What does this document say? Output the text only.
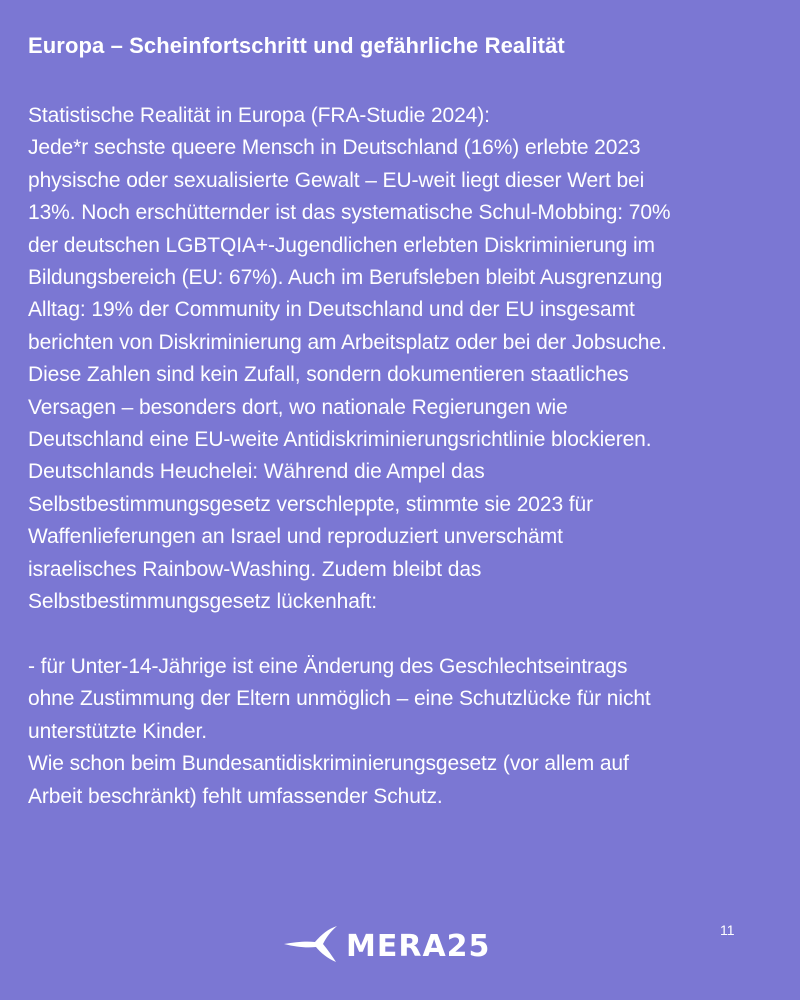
Europa – Scheinfortschritt und gefährliche Realität
Statistische Realität in Europa (FRA-Studie 2024):
Jede*r sechste queere Mensch in Deutschland (16%) erlebte 2023
physische oder sexualisierte Gewalt – EU-weit liegt dieser Wert bei
13%. Noch erschütternder ist das systematische Schul-Mobbing: 70%
der deutschen LGBTQIA+-Jugendlichen erlebten Diskriminierung im
Bildungsbereich (EU: 67%). Auch im Berufsleben bleibt Ausgrenzung
Alltag: 19% der Community in Deutschland und der EU insgesamt
berichten von Diskriminierung am Arbeitsplatz oder bei der Jobsuche.
Diese Zahlen sind kein Zufall, sondern dokumentieren staatliches
Versagen – besonders dort, wo nationale Regierungen wie
Deutschland eine EU-weite Antidiskriminierungsrichtlinie blockieren.
Deutschlands Heuchelei: Während die Ampel das
Selbstbestimmungsgesetz verschleppte, stimmte sie 2023 für
Waffenlieferungen an Israel und reproduziert unverschämt
israelisches Rainbow-Washing. Zudem bleibt das
Selbstbestimmungsgesetz lückenhaft:
- für Unter-14-Jährige ist eine Änderung des Geschlechtseintrags
ohne Zustimmung der Eltern unmöglich – eine Schutzlücke für nicht
unterstützte Kinder.
Wie schon beim Bundesantidiskriminierungsgesetz (vor allem auf
Arbeit beschränkt) fehlt umfassender Schutz.
MERA25	11
